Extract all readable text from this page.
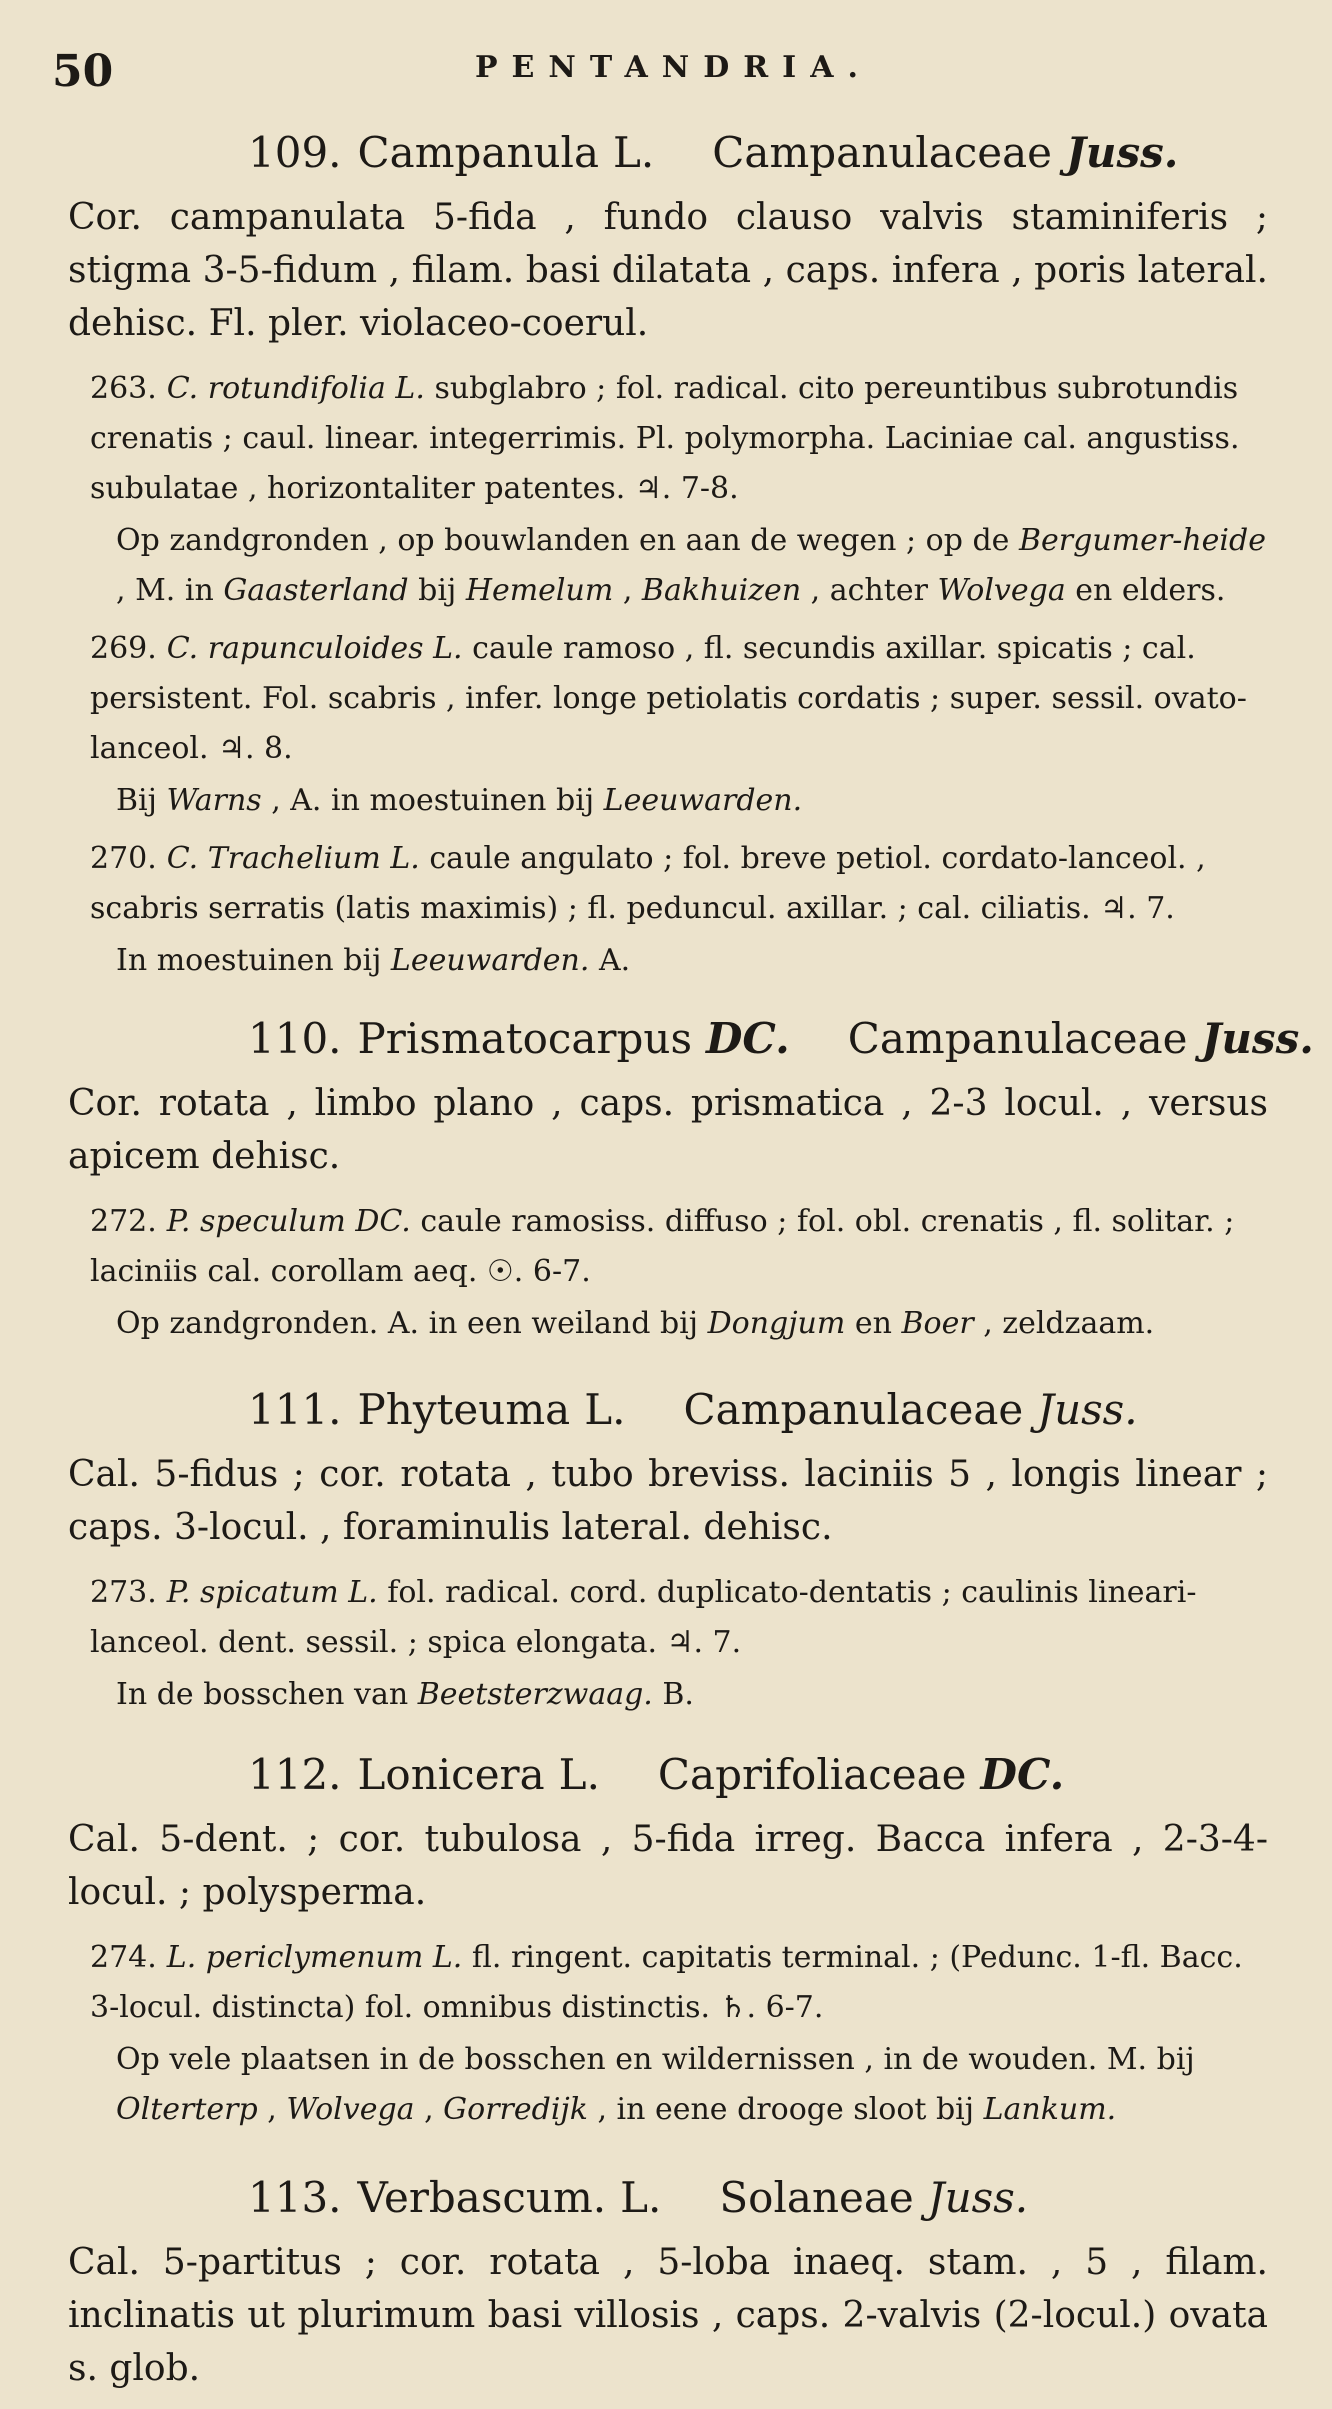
50	PENTANDRIA.
109. Campanula L. Campanulaceae Juss.

Cor. campanulata 5-fida , fundo clauso valvis staminiferis ; stigma 3-5-fidum , filam. basi dilatata , caps. infera , poris lateral. dehisc. Fl. pler. violaceo-coerul.

263. C. rotundifolia L. subglabro ; fol. radical. cito pereuntibus subrotundis crenatis ; caul. linear. integerrimis. Pl. polymorpha. Laciniae cal. angustiss. subulatae , horizontaliter patentes. ♃. 7-8.

Op zandgronden , op bouwlanden en aan de wegen ; op de Bergumer-heide , M. in Gaasterland bij Hemelum , Bakhuizen , achter Wolvega en elders.

269. C. rapunculoides L. caule ramoso , fl. secundis axillar. spicatis ; cal. persistent. Fol. scabris , infer. longe petiolatis cordatis ; super. sessil. ovato-lanceol. ♃. 8.

Bij Warns , A. in moestuinen bij Leeuwarden.

270. C. Trachelium L. caule angulato ; fol. breve petiol. cordato-lanceol. , scabris serratis (latis maximis) ; fl. peduncul. axillar. ; cal. ciliatis. ♃. 7.

In moestuinen bij Leeuwarden. A.

110. Prismatocarpus DC. Campanulaceae Juss.

Cor. rotata , limbo plano , caps. prismatica , 2-3 locul. , versus apicem dehisc.

272. P. speculum DC. caule ramosiss. diffuso ; fol. obl. crenatis , fl. solitar. ; laciniis cal. corollam aeq. ☉. 6-7.

Op zandgronden. A. in een weiland bij Dongjum en Boer , zeldzaam.

111. Phyteuma L. Campanulaceae Juss.

Cal. 5-fidus ; cor. rotata , tubo breviss. laciniis 5 , longis linear ; caps. 3-locul. , foraminulis lateral. dehisc.

273. P. spicatum L. fol. radical. cord. duplicato-dentatis ; caulinis lineari-lanceol. dent. sessil. ; spica elongata. ♃. 7.

In de bosschen van Beetsterzwaag. B.

112. Lonicera L. Caprifoliaceae DC.

Cal. 5-dent. ; cor. tubulosa , 5-fida irreg. Bacca infera , 2-3-4-locul. ; polysperma.

274. L. periclymenum L. fl. ringent. capitatis terminal. ; (Pedunc. 1-fl. Bacc. 3-locul. distincta) fol. omnibus distinctis. ♄. 6-7.

Op vele plaatsen in de bosschen en wildernissen , in de wouden. M. bij Olterterp , Wolvega , Gorredijk , in eene drooge sloot bij Lankum.

113. Verbascum. L. Solaneae Juss.

Cal. 5-partitus ; cor. rotata , 5-loba inaeq. stam. , 5 , filam. inclinatis ut plurimum basi villosis , caps. 2-valvis (2-locul.) ovata s. glob.
